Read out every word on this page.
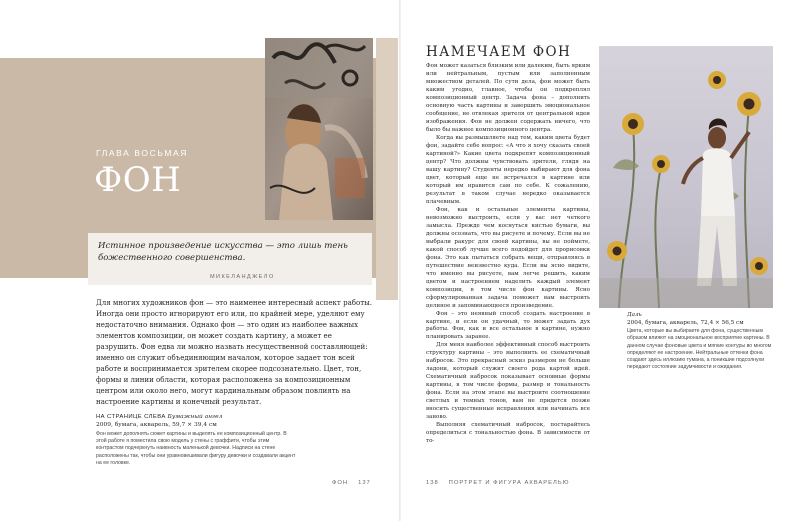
ГЛАВА ВОСЬМАЯ
ФОН
Истинное произведение искусства — это лишь тень божественного совершенства.
МИКЕЛАНДЖЕЛО
Для многих художников фон — это наименее интересный аспект работы. Иногда они просто игнорируют его или, по крайней мере, уделяют ему недостаточно внимания. Однако фон — это один из наиболее важных элементов композиции, он может создать картину, а может ее разрушить. Фон едва ли можно назвать несущественной составляющей: именно он служит объединяющим началом, которое задает тон всей работе и воспринимается зрителем скорее подсознательно. Цвет, тон, формы и линии области, которая расположена за композиционным центром или около него, могут кардинальным образом повлиять на настроение картины и конечный результат.
НА СТРАНИЦЕ СЛЕВА Бумажный ангел
2009, бумага, акварель, 59,7 × 39,4 см
Фон может дополнять сюжет картины и выделять ее композиционный центр. В этой работе я поместила свою модель у стены с граффити, чтобы этим контрастом подчеркнуть наивность маленькой девочки. Надписи на стене расположены так, чтобы они уравновешивали фигуру девочки и создавали акцент на ее головке.
ФОН 137
НАМЕЧАЕМ ФОН

Фон может казаться близким или далеким, быть ярким или нейтральным, пустым или заполненным множеством деталей. По сути дела, фон может быть каким угодно, главное, чтобы он подкреплял композиционный центр. Задача фона – дополнить основную часть картины и завершить эмоциональное сообщение, не отвлекая зрителя от центральной идеи изображения. Фон не должен содержать ничего, что было бы важнее композиционного центра.

Когда вы размышляете над тем, каким цвета будет фон, задайте себе вопрос: «А что я хочу сказать своей картиной?» Какие цвета подкрепят композиционный центр? Что должны чувствовать зрители, глядя на вашу картину? Студенты нередко выбирают для фона цвет, который еще не встречался в картине или который им нравится сам по себе. К сожалению, результат в таком случае нередко оказывается плачевным.

Фон, как и остальные элементы картины, невозможно выстроить, если у вас нет четкого замысла. Прежде чем коснуться кистью бумаги, вы должны осознать, что вы рисуете и почему. Если вы не выбрали ракурс для своей картины, вы не поймете, какой способ лучше всего подойдет для прорисовки фона. Это как пытаться собрать вещи, отправляясь в путешествие неизвестно куда. Если вы ясно видите, что именно вы рисуете, вам легче решить, каким цветом и настроением наделить каждый элемент композиции, в том числе фон картины. Ясно сформулированная задача поможет вам выстроить целиное и запоминающееся произведение.

Фон – это неявный способ создать настроение в картине, и если он удачный, то может задать дух работы. Фон, как и все остальное в картине, нужно планировать заранее.

Для меня наиболее эффективный способ выстроить структуру картины – это выполнить ее схематичный набросок. Это прекрасный эскиз размером не больше ладони, который служит своего рода картой идей. Схематичный набросок показывает основные формы картины, в том числе формы, размер и тональность фона. Если на этом этапе вы выстроите соотношение светлых и темных тонов, вам не придется позже вносить существенные исправления или начинать все заново.

Выполняя схематичный набросок, постарайтесь определиться с тональностью фона. В зависимости от то-

Даль
2004, бумага, акварель, 72,4 × 56,5 см
Цвета, которые вы выбираете для фона, существенным образом влияют на эмоциональное восприятие картины. В данном случае фоновые цвета и мягкие контуры во многом определяют ее настроение. Нейтральные оттенки фона создают здесь иллюзию тумана, а поникшие подсолнухи передают состояние задумчивости и ожидания.
138 ПОРТРЕТ И ФИГУРА АКВАРЕЛЬЮ
